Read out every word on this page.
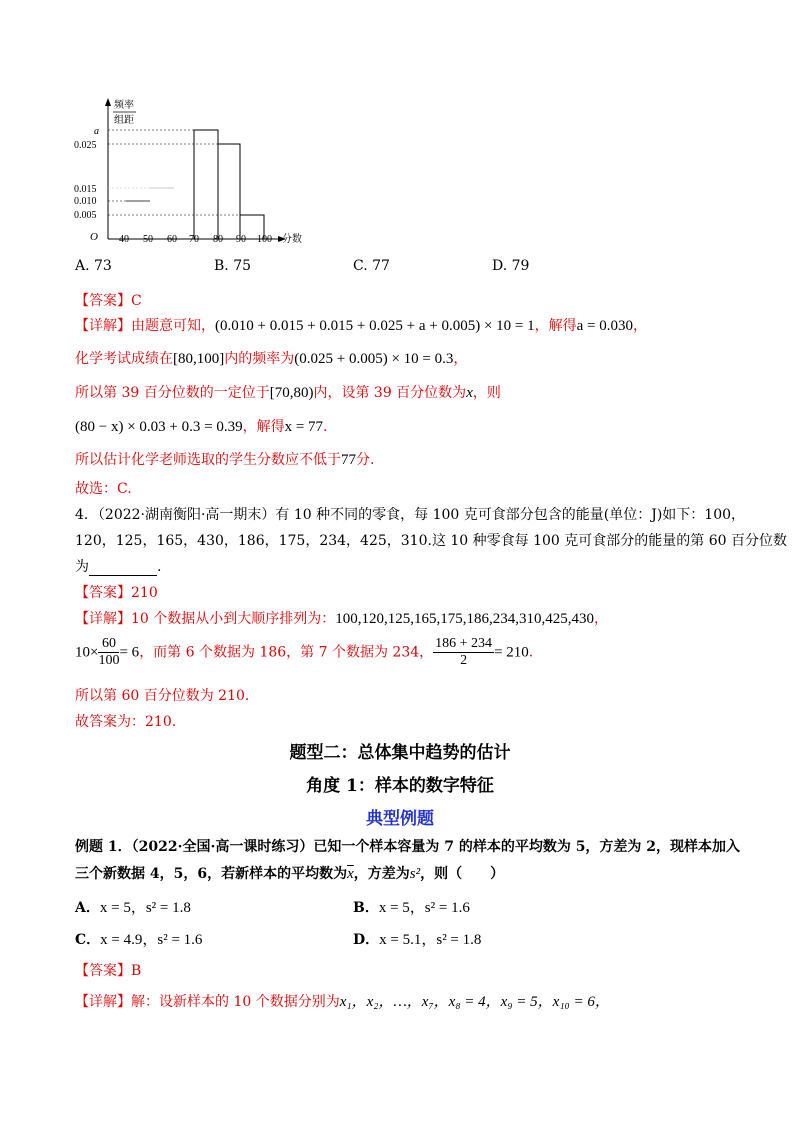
频率
组距
a
0.025
0.015
0.010
0.005
O 40 50 60 70 80 90 100 分数
A. 73	B. 75	C. 77	D. 79
【答案】C
【详解】由题意可知，(0.010 + 0.015 + 0.015 + 0.025 + a + 0.005) × 10 = 1，解得a = 0.030，
化学考试成绩在[80,100]内的频率为(0.025 + 0.005) × 10 = 0.3，
所以第 39 百分位数的一定位于[70,80)内，设第 39 百分位数为x，则
(80 − x) × 0.03 + 0.3 = 0.39，解得x = 77.
所以估计化学老师选取的学生分数应不低于77分.
故选：C.
4．（2022·湖南衡阳·高一期末）有 10 种不同的零食，每 100 克可食部分包含的能量(单位：J)如下：100，
120，125，165，430，186，175，234，425，310.这 10 种零食每 100 克可食部分的能量的第 60 百分位数
为	.
【答案】210
【详解】10 个数据从小到大顺序排列为：100,120,125,165,175,186,234,310,425,430，
$10\times \frac{60}{100} = 6$，而第 6 个数据为 186，第 7 个数据为 234， $\frac{186 + 234}{2} = 210$.
所以第 60 百分位数为 210.
故答案为：210.
题型二：总体集中趋势的估计
角度 1：样本的数字特征
典型例题
例题 1．（2022·全国·高一课时练习）已知一个样本容量为 7 的样本的平均数为 5，方差为 2，现样本加入
三个新数据 4，5，6，若新样本的平均数为$\overline{x}$，方差为s²，则（　　）
A．x = 5，s² = 1.8	B．x = 5，s² = 1.6
C．x = 4.9，s² = 1.6	D．x = 5.1，s² = 1.8
【答案】B
【详解】解：设新样本的 10 个数据分别为x₁，x₂，…，x₇，x₈ = 4，x₉ = 5，x₁₀ = 6，
